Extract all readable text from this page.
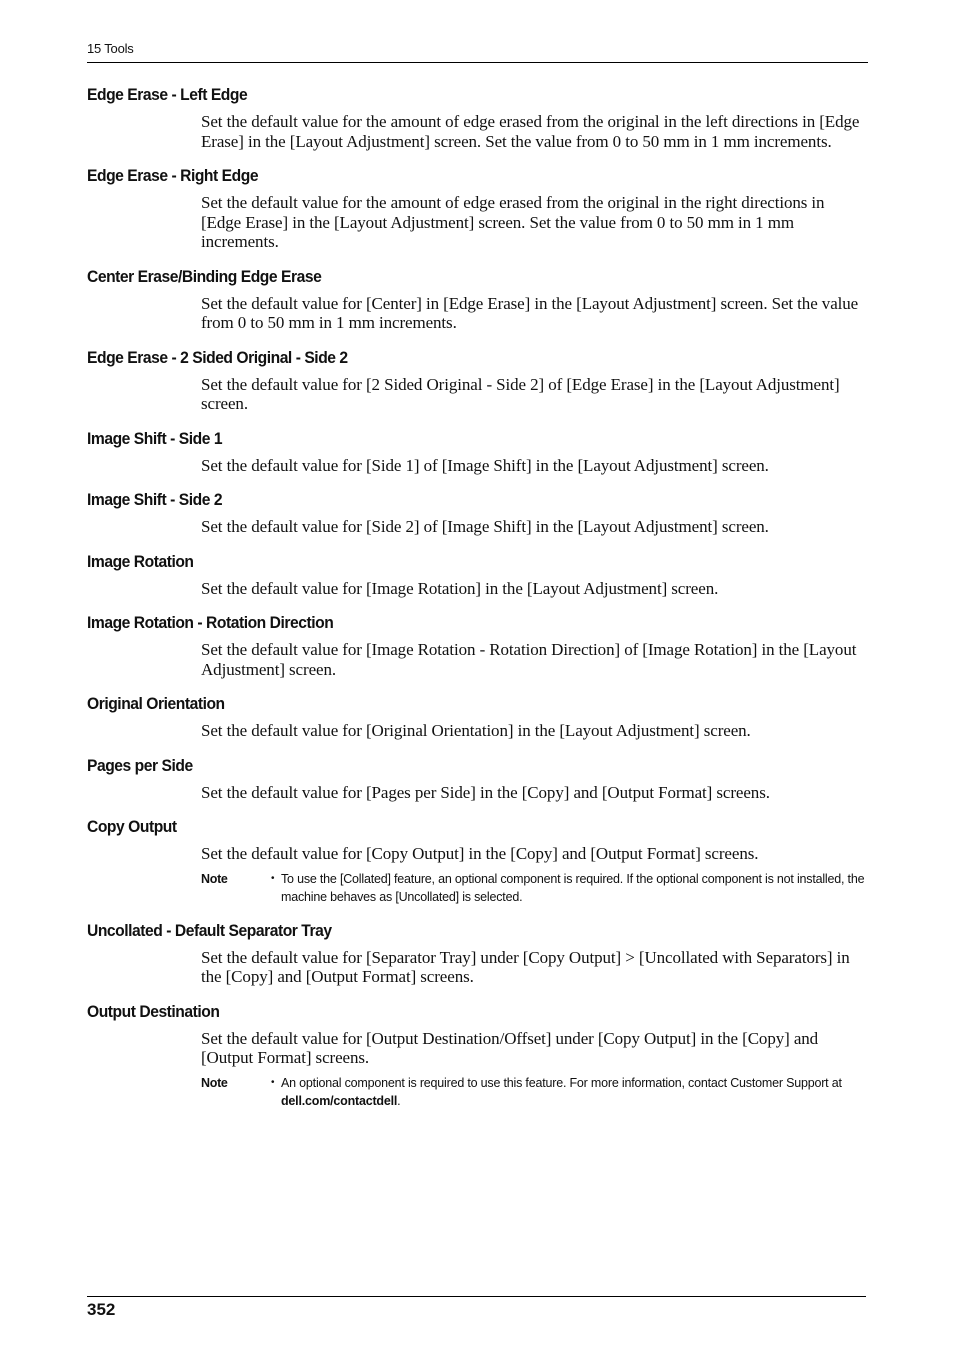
15 Tools
Edge Erase - Left Edge
Set the default value for the amount of edge erased from the original in the left directions in [Edge Erase] in the [Layout Adjustment] screen. Set the value from 0 to 50 mm in 1 mm increments.
Edge Erase - Right Edge
Set the default value for the amount of edge erased from the original in the right directions in [Edge Erase] in the [Layout Adjustment] screen. Set the value from 0 to 50 mm in 1 mm increments.
Center Erase/Binding Edge Erase
Set the default value for [Center] in [Edge Erase] in the [Layout Adjustment] screen. Set the value from 0 to 50 mm in 1 mm increments.
Edge Erase - 2 Sided Original - Side 2
Set the default value for [2 Sided Original - Side 2] of [Edge Erase] in the [Layout Adjustment] screen.
Image Shift - Side 1
Set the default value for [Side 1] of [Image Shift] in the [Layout Adjustment] screen.
Image Shift - Side 2
Set the default value for [Side 2] of [Image Shift] in the [Layout Adjustment] screen.
Image Rotation
Set the default value for [Image Rotation] in the [Layout Adjustment] screen.
Image Rotation - Rotation Direction
Set the default value for [Image Rotation - Rotation Direction] of [Image Rotation] in the [Layout Adjustment] screen.
Original Orientation
Set the default value for [Original Orientation] in the [Layout Adjustment] screen.
Pages per Side
Set the default value for [Pages per Side] in the [Copy] and [Output Format] screens.
Copy Output
Set the default value for [Copy Output] in the [Copy] and [Output Format] screens.
Note	• To use the [Collated] feature, an optional component is required. If the optional component is not installed, the machine behaves as [Uncollated] is selected.
Uncollated - Default Separator Tray
Set the default value for [Separator Tray] under [Copy Output] > [Uncollated with Separators] in the [Copy] and [Output Format] screens.
Output Destination
Set the default value for [Output Destination/Offset] under [Copy Output] in the [Copy] and [Output Format] screens.
Note	• An optional component is required to use this feature. For more information, contact Customer Support at dell.com/contactdell.
352
